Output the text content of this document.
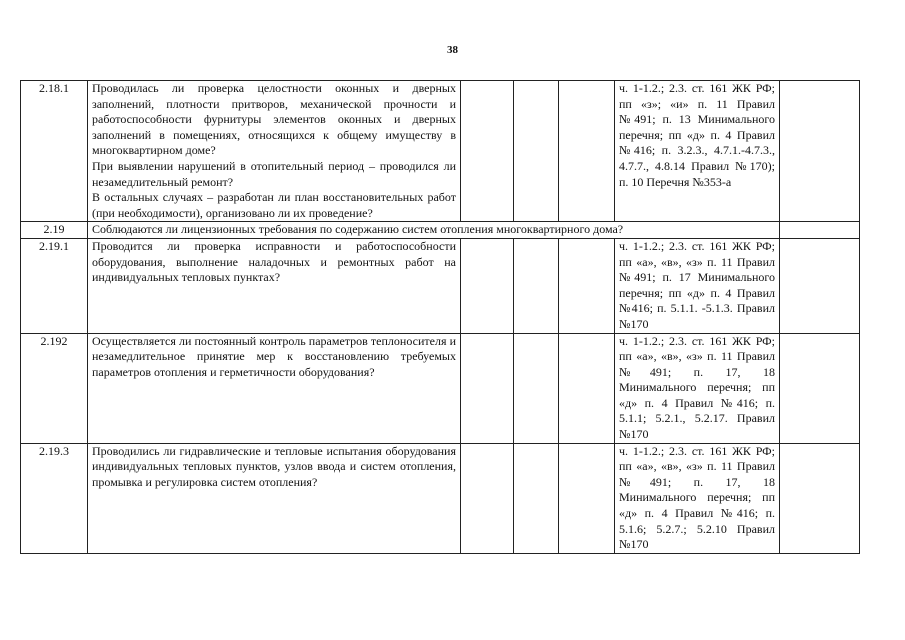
38
2.18.1	Проводилась ли проверка целостности оконных и дверных заполнений, плотности притворов, механической прочности и работоспособности фурнитуры элементов оконных и дверных заполнений в помещениях, относящихся к общему имуществу в многоквартирном доме?
При выявлении нарушений в отопительный период – проводился ли незамедлительный ремонт?
В остальных случаях – разработан ли план восстановительных работ (при необходимости), организовано ли их проведение?				ч. 1-1.2.; 2.3. ст. 161 ЖК РФ; пп «з»; «и» п. 11 Правил №491; п. 13 Минимального перечня; пп «д» п. 4 Правил №416; п. 3.2.3., 4.7.1.-4.7.3., 4.7.7., 4.8.14 Правил №170); п. 10 Перечня №353-а	
2.19	Соблюдаются ли лицензионных требования по содержанию систем отопления многоквартирного дома?					
2.19.1	Проводится ли проверка исправности и работоспособности оборудования, выполнение наладочных и ремонтных работ на индивидуальных тепловых пунктах?				ч. 1-1.2.; 2.3. ст. 161 ЖК РФ; пп «а», «в», «з» п. 11 Правил №491; п. 17 Минимального перечня; пп «д» п. 4 Правил №416; п. 5.1.1. -5.1.3. Правил №170	
2.192	Осуществляется ли постоянный контроль параметров теплоносителя и незамедлительное принятие мер к восстановлению требуемых параметров отопления и герметичности оборудования?				ч. 1-1.2.; 2.3. ст. 161 ЖК РФ; пп «а», «в», «з» п. 11 Правил №491; п. 17, 18 Минимального перечня; пп «д» п. 4 Правил №416; п. 5.1.1; 5.2.1., 5.2.17. Правил №170	
2.19.3	Проводились ли гидравлические и тепловые испытания оборудования индивидуальных тепловых пунктов, узлов ввода и систем отопления, промывка и регулировка систем отопления?				ч. 1-1.2.; 2.3. ст. 161 ЖК РФ; пп «а», «в», «з» п. 11 Правил №491; п. 17, 18 Минимального перечня; пп «д» п. 4 Правил №416; п. 5.1.6; 5.2.7.; 5.2.10 Правил №170	
